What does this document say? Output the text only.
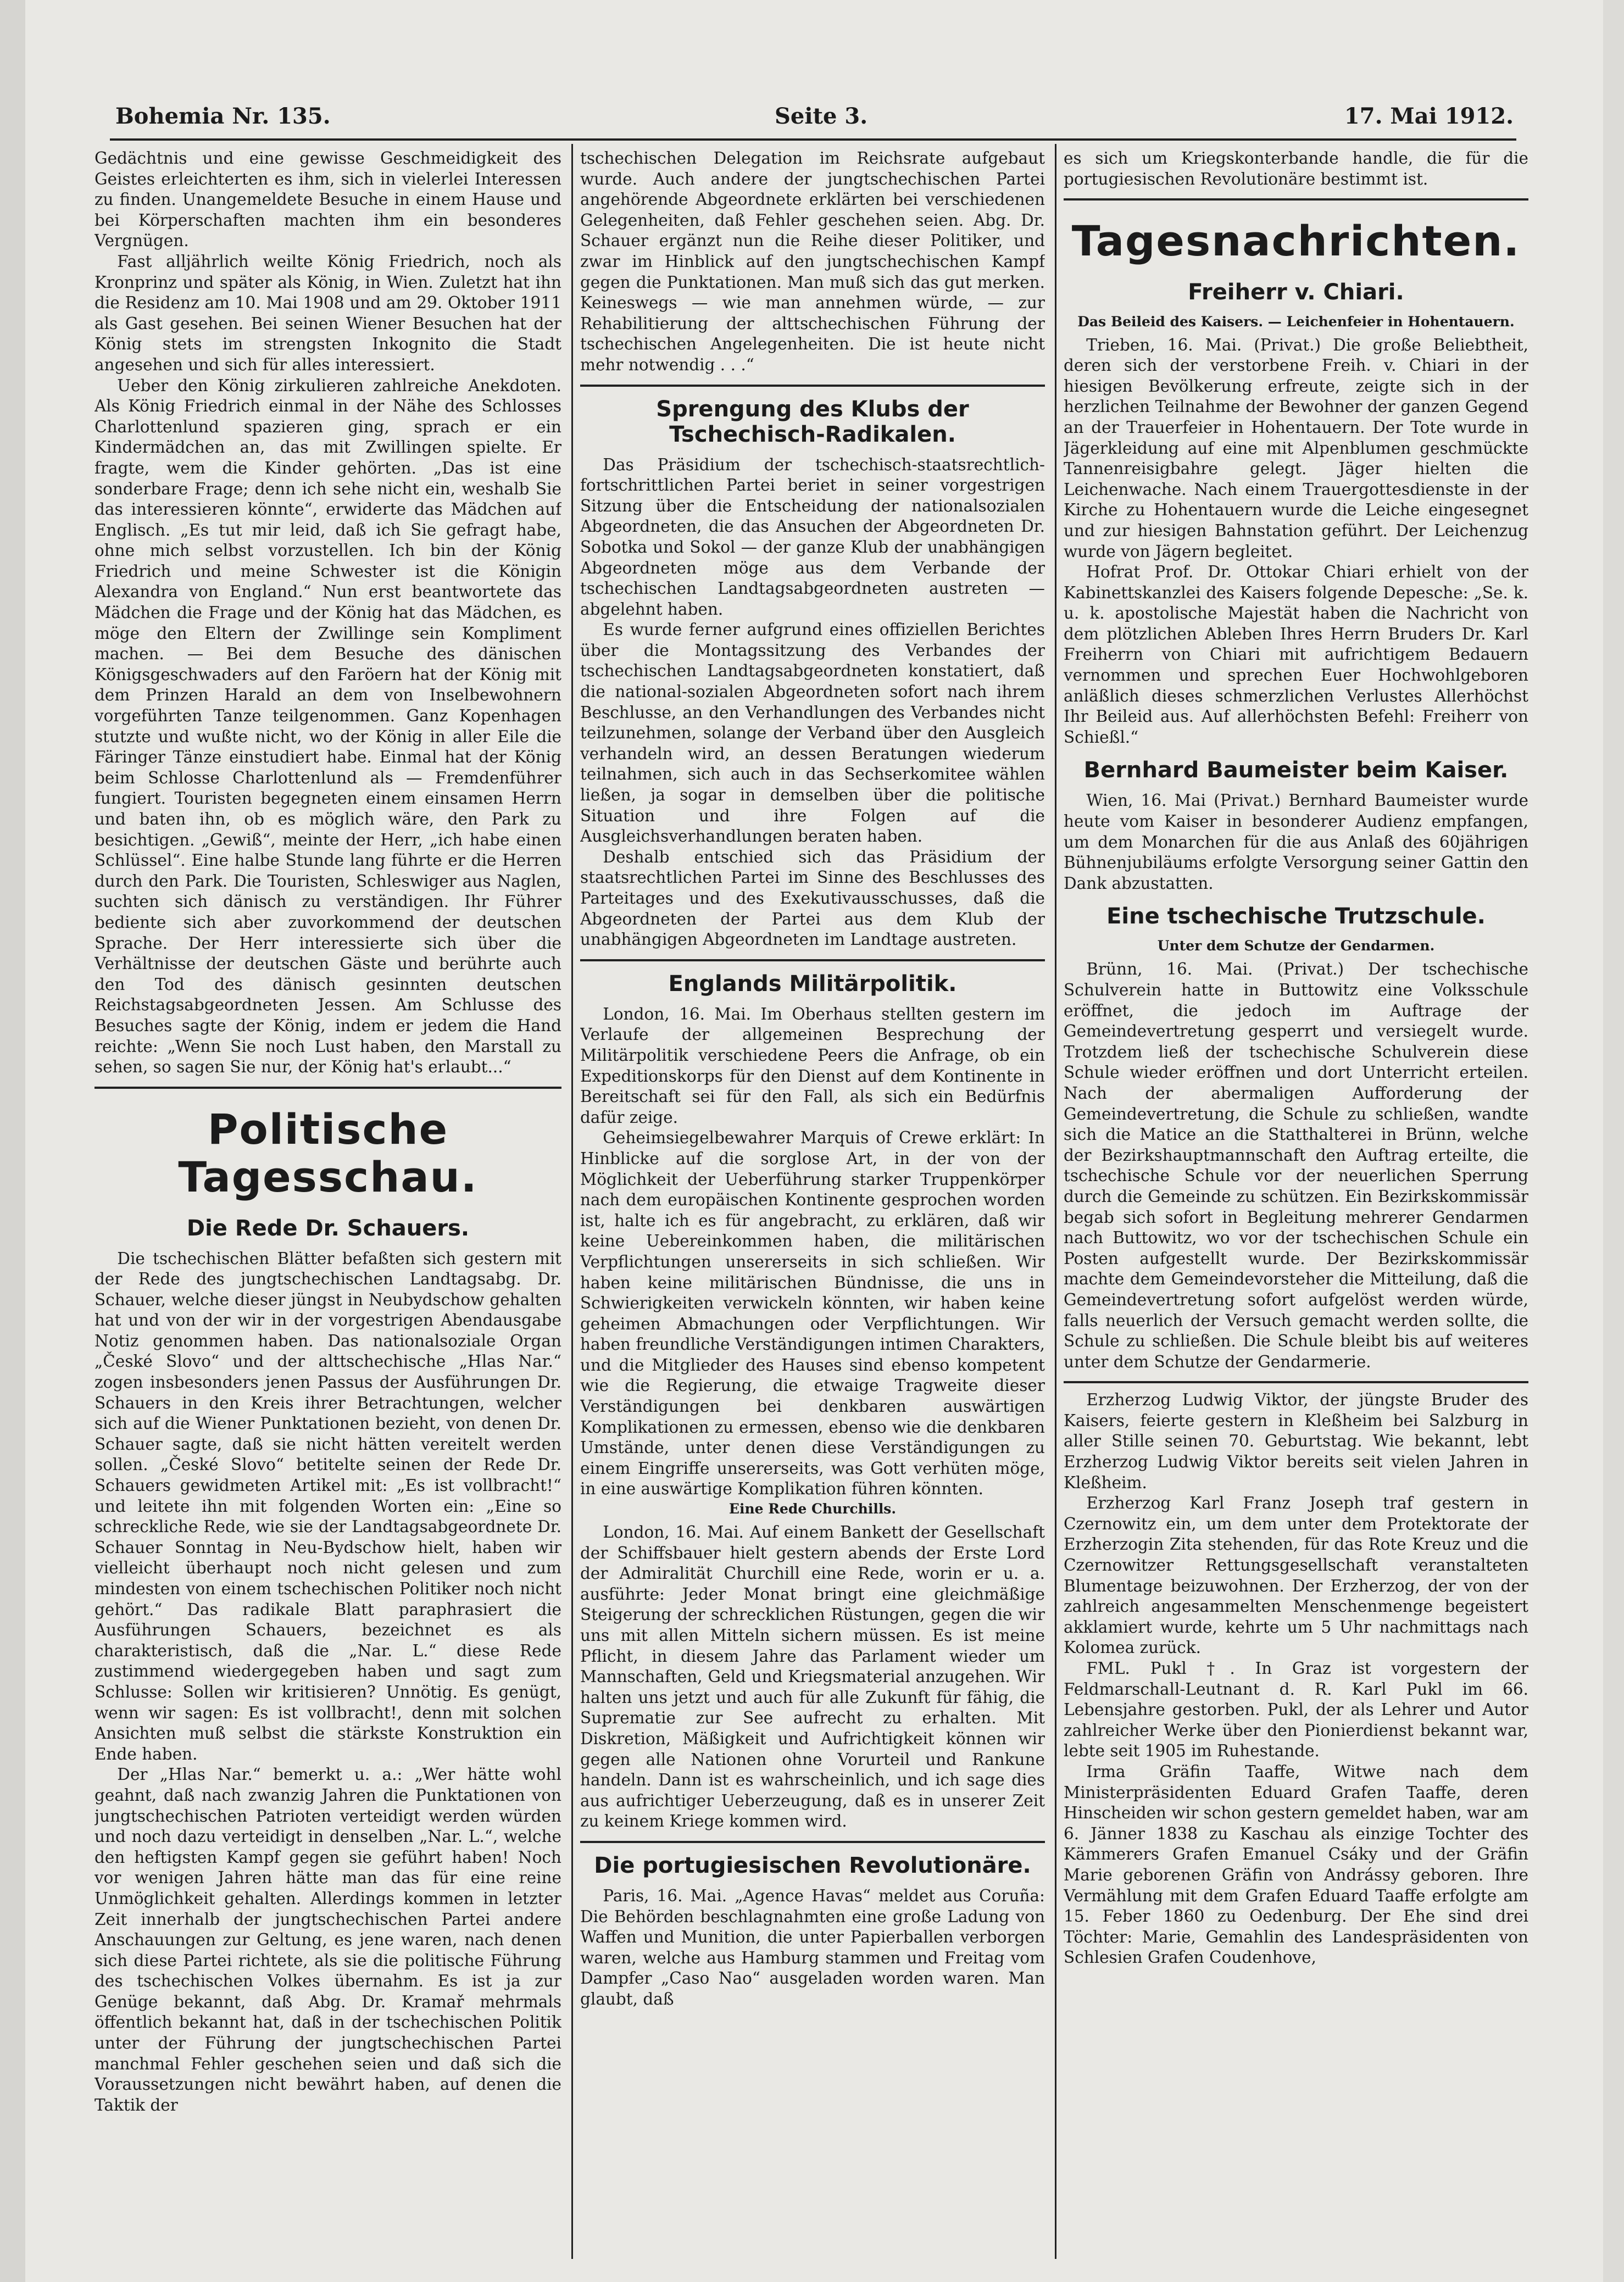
Bohemia Nr. 135.	Seite 3.	17. Mai 1912.

Gedächtnis und eine gewisse Geschmeidigkeit des Geistes erleichterten es ihm, sich in vielerlei Interessen zu finden. Unangemeldete Besuche in einem Hause und bei Körperschaften machten ihm ein besonderes Vergnügen.

Fast alljährlich weilte König Friedrich, noch als Kronprinz und später als König, in Wien. Zuletzt hat ihn die Residenz am 10. Mai 1908 und am 29. Oktober 1911 als Gast gesehen. Bei seinen Wiener Besuchen hat der König stets im strengsten Inkognito die Stadt angesehen und sich für alles interessiert.

Ueber den König zirkulieren zahlreiche Anekdoten. Als König Friedrich einmal in der Nähe des Schlosses Charlottenlund spazieren ging, sprach er ein Kindermädchen an, das mit Zwillingen spielte. Er fragte, wem die Kinder gehörten. „Das ist eine sonderbare Frage; denn ich sehe nicht ein, weshalb Sie das interessieren könnte“, erwiderte das Mädchen auf Englisch. „Es tut mir leid, daß ich Sie gefragt habe, ohne mich selbst vorzustellen. Ich bin der König Friedrich und meine Schwester ist die Königin Alexandra von England.“ Nun erst beantwortete das Mädchen die Frage und der König hat das Mädchen, es möge den Eltern der Zwillinge sein Kompliment machen. — Bei dem Besuche des dänischen Königsgeschwaders auf den Faröern hat der König mit dem Prinzen Harald an dem von Inselbewohnern vorgeführten Tanze teilgenommen. Ganz Kopenhagen stutzte und wußte nicht, wo der König in aller Eile die Färinger Tänze einstudiert habe. Einmal hat der König beim Schlosse Charlottenlund als — Fremdenführer fungiert. Touristen begegneten einem einsamen Herrn und baten ihn, ob es möglich wäre, den Park zu besichtigen. „Gewiß“, meinte der Herr, „ich habe einen Schlüssel“. Eine halbe Stunde lang führte er die Herren durch den Park. Die Touristen, Schleswiger aus Naglen, suchten sich dänisch zu verständigen. Ihr Führer bediente sich aber zuvorkommend der deutschen Sprache. Der Herr interessierte sich über die Verhältnisse der deutschen Gäste und berührte auch den Tod des dänisch gesinnten deutschen Reichstagsabgeordneten Jessen. Am Schlusse des Besuches sagte der König, indem er jedem die Hand reichte: „Wenn Sie noch Lust haben, den Marstall zu sehen, so sagen Sie nur, der König hat's erlaubt...“

Politische Tagesschau.
Die Rede Dr. Schauers.

Die tschechischen Blätter befaßten sich gestern mit der Rede des jungtschechischen Landtagsabg. Dr. Schauer, welche dieser jüngst in Neubydschow gehalten hat und von der wir in der vorgestrigen Abendausgabe Notiz genommen haben. Das nationalsoziale Organ „České Slovo“ und der alttschechische „Hlas Nar.“ zogen insbesonders jenen Passus der Ausführungen Dr. Schauers in den Kreis ihrer Betrachtungen, welcher sich auf die Wiener Punktationen bezieht, von denen Dr. Schauer sagte, daß sie nicht hätten vereitelt werden sollen. „České Slovo“ betitelte seinen der Rede Dr. Schauers gewidmeten Artikel mit: „Es ist vollbracht!“ und leitete ihn mit folgenden Worten ein: „Eine so schreckliche Rede, wie sie der Landtagsabgeordnete Dr. Schauer Sonntag in Neu-Bydschow hielt, haben wir vielleicht überhaupt noch nicht gelesen und zum mindesten von einem tschechischen Politiker noch nicht gehört.“ Das radikale Blatt paraphrasiert die Ausführungen Schauers, bezeichnet es als charakteristisch, daß die „Nar. L.“ diese Rede zustimmend wiedergegeben haben und sagt zum Schlusse: Sollen wir kritisieren? Unnötig. Es genügt, wenn wir sagen: Es ist vollbracht!, denn mit solchen Ansichten muß selbst die stärkste Konstruktion ein Ende haben.

Der „Hlas Nar.“ bemerkt u. a.: „Wer hätte wohl geahnt, daß nach zwanzig Jahren die Punktationen von jungtschechischen Patrioten verteidigt werden würden und noch dazu verteidigt in denselben „Nar. L.“, welche den heftigsten Kampf gegen sie geführt haben! Noch vor wenigen Jahren hätte man das für eine reine Unmöglichkeit gehalten. Allerdings kommen in letzter Zeit innerhalb der jungtschechischen Partei andere Anschauungen zur Geltung, es jene waren, nach denen sich diese Partei richtete, als sie die politische Führung des tschechischen Volkes übernahm. Es ist ja zur Genüge bekannt, daß Abg. Dr. Kramař mehrmals öffentlich bekannt hat, daß in der tschechischen Politik unter der Führung der jungtschechischen Partei manchmal Fehler geschehen seien und daß sich die Voraussetzungen nicht bewährt haben, auf denen die Taktik der

tschechischen Delegation im Reichsrate aufgebaut wurde. Auch andere der jungtschechischen Partei angehörende Abgeordnete erklärten bei verschiedenen Gelegenheiten, daß Fehler geschehen seien. Abg. Dr. Schauer ergänzt nun die Reihe dieser Politiker, und zwar im Hinblick auf den jungtschechischen Kampf gegen die Punktationen. Man muß sich das gut merken. Keineswegs — wie man annehmen würde, — zur Rehabilitierung der alttschechischen Führung der tschechischen Angelegenheiten. Die ist heute nicht mehr notwendig . . .“

Sprengung des Klubs der Tschechisch-Radikalen.

Das Präsidium der tschechisch-staatsrechtlich-fortschrittlichen Partei beriet in seiner vorgestrigen Sitzung über die Entscheidung der nationalsozialen Abgeordneten, die das Ansuchen der Abgeordneten Dr. Sobotka und Sokol — der ganze Klub der unabhängigen Abgeordneten möge aus dem Verbande der tschechischen Landtagsabgeordneten austreten — abgelehnt haben.

Es wurde ferner aufgrund eines offiziellen Berichtes über die Montagssitzung des Verbandes der tschechischen Landtagsabgeordneten konstatiert, daß die national-sozialen Abgeordneten sofort nach ihrem Beschlusse, an den Verhandlungen des Verbandes nicht teilzunehmen, solange der Verband über den Ausgleich verhandeln wird, an dessen Beratungen wiederum teilnahmen, sich auch in das Sechserkomitee wählen ließen, ja sogar in demselben über die politische Situation und ihre Folgen auf die Ausgleichsverhandlungen beraten haben.

Deshalb entschied sich das Präsidium der staatsrechtlichen Partei im Sinne des Beschlusses des Parteitages und des Exekutivausschusses, daß die Abgeordneten der Partei aus dem Klub der unabhängigen Abgeordneten im Landtage austreten.

Englands Militärpolitik.

London, 16. Mai. Im Oberhaus stellten gestern im Verlaufe der allgemeinen Besprechung der Militärpolitik verschiedene Peers die Anfrage, ob ein Expeditionskorps für den Dienst auf dem Kontinente in Bereitschaft sei für den Fall, als sich ein Bedürfnis dafür zeige.

Geheimsiegelbewahrer Marquis of Crewe erklärt: In Hinblicke auf die sorglose Art, in der von der Möglichkeit der Ueberführung starker Truppenkörper nach dem europäischen Kontinente gesprochen worden ist, halte ich es für angebracht, zu erklären, daß wir keine Uebereinkommen haben, die militärischen Verpflichtungen unsererseits in sich schließen. Wir haben keine militärischen Bündnisse, die uns in Schwierigkeiten verwickeln könnten, wir haben keine geheimen Abmachungen oder Verpflichtungen. Wir haben freundliche Verständigungen intimen Charakters, und die Mitglieder des Hauses sind ebenso kompetent wie die Regierung, die etwaige Tragweite dieser Verständigungen bei denkbaren auswärtigen Komplikationen zu ermessen, ebenso wie die denkbaren Umstände, unter denen diese Verständigungen zu einem Eingriffe unsererseits, was Gott verhüten möge, in eine auswärtige Komplikation führen könnten.

Eine Rede Churchills.

London, 16. Mai. Auf einem Bankett der Gesellschaft der Schiffsbauer hielt gestern abends der Erste Lord der Admiralität Churchill eine Rede, worin er u. a. ausführte: Jeder Monat bringt eine gleichmäßige Steigerung der schrecklichen Rüstungen, gegen die wir uns mit allen Mitteln sichern müssen. Es ist meine Pflicht, in diesem Jahre das Parlament wieder um Mannschaften, Geld und Kriegsmaterial anzugehen. Wir halten uns jetzt und auch für alle Zukunft für fähig, die Suprematie zur See aufrecht zu erhalten. Mit Diskretion, Mäßigkeit und Aufrichtigkeit können wir gegen alle Nationen ohne Vorurteil und Rankune handeln. Dann ist es wahrscheinlich, und ich sage dies aus aufrichtiger Ueberzeugung, daß es in unserer Zeit zu keinem Kriege kommen wird.

Die portugiesischen Revolutionäre.

Paris, 16. Mai. „Agence Havas“ meldet aus Coruña: Die Behörden beschlagnahmten eine große Ladung von Waffen und Munition, die unter Papierballen verborgen waren, welche aus Hamburg stammen und Freitag vom Dampfer „Caso Nao“ ausgeladen worden waren. Man glaubt, daß

es sich um Kriegskonterbande handle, die für die portugiesischen Revolutionäre bestimmt ist.

Tagesnachrichten.
Freiherr v. Chiari.
Das Beileid des Kaisers. — Leichenfeier in Hohentauern.

Trieben, 16. Mai. (Privat.) Die große Beliebtheit, deren sich der verstorbene Freih. v. Chiari in der hiesigen Bevölkerung erfreute, zeigte sich in der herzlichen Teilnahme der Bewohner der ganzen Gegend an der Trauerfeier in Hohentauern. Der Tote wurde in Jägerkleidung auf eine mit Alpenblumen geschmückte Tannenreisigbahre gelegt. Jäger hielten die Leichenwache. Nach einem Trauergottesdienste in der Kirche zu Hohentauern wurde die Leiche eingesegnet und zur hiesigen Bahnstation geführt. Der Leichenzug wurde von Jägern begleitet.

Hofrat Prof. Dr. Ottokar Chiari erhielt von der Kabinettskanzlei des Kaisers folgende Depesche: „Se. k. u. k. apostolische Majestät haben die Nachricht von dem plötzlichen Ableben Ihres Herrn Bruders Dr. Karl Freiherrn von Chiari mit aufrichtigem Bedauern vernommen und sprechen Euer Hochwohlgeboren anläßlich dieses schmerzlichen Verlustes Allerhöchst Ihr Beileid aus. Auf allerhöchsten Befehl: Freiherr von Schießl.“

Bernhard Baumeister beim Kaiser.

Wien, 16. Mai (Privat.) Bernhard Baumeister wurde heute vom Kaiser in besonderer Audienz empfangen, um dem Monarchen für die aus Anlaß des 60jährigen Bühnenjubiläums erfolgte Versorgung seiner Gattin den Dank abzustatten.

Eine tschechische Trutzschule.
Unter dem Schutze der Gendarmen.

Brünn, 16. Mai. (Privat.) Der tschechische Schulverein hatte in Buttowitz eine Volksschule eröffnet, die jedoch im Auftrage der Gemeindevertretung gesperrt und versiegelt wurde. Trotzdem ließ der tschechische Schulverein diese Schule wieder eröffnen und dort Unterricht erteilen. Nach der abermaligen Aufforderung der Gemeindevertretung, die Schule zu schließen, wandte sich die Matice an die Statthalterei in Brünn, welche der Bezirkshauptmannschaft den Auftrag erteilte, die tschechische Schule vor der neuerlichen Sperrung durch die Gemeinde zu schützen. Ein Bezirkskommissär begab sich sofort in Begleitung mehrerer Gendarmen nach Buttowitz, wo vor der tschechischen Schule ein Posten aufgestellt wurde. Der Bezirkskommissär machte dem Gemeindevorsteher die Mitteilung, daß die Gemeindevertretung sofort aufgelöst werden würde, falls neuerlich der Versuch gemacht werden sollte, die Schule zu schließen. Die Schule bleibt bis auf weiteres unter dem Schutze der Gendarmerie.

Erzherzog Ludwig Viktor, der jüngste Bruder des Kaisers, feierte gestern in Kleßheim bei Salzburg in aller Stille seinen 70. Geburtstag. Wie bekannt, lebt Erzherzog Ludwig Viktor bereits seit vielen Jahren in Kleßheim.

Erzherzog Karl Franz Joseph traf gestern in Czernowitz ein, um dem unter dem Protektorate der Erzherzogin Zita stehenden, für das Rote Kreuz und die Czernowitzer Rettungsgesellschaft veranstalteten Blumentage beizuwohnen. Der Erzherzog, der von der zahlreich angesammelten Menschenmenge begeistert akklamiert wurde, kehrte um 5 Uhr nachmittags nach Kolomea zurück.

FML. Pukl †. In Graz ist vorgestern der Feldmarschall-Leutnant d. R. Karl Pukl im 66. Lebensjahre gestorben. Pukl, der als Lehrer und Autor zahlreicher Werke über den Pionierdienst bekannt war, lebte seit 1905 im Ruhestande.

Irma Gräfin Taaffe, Witwe nach dem Ministerpräsidenten Eduard Grafen Taaffe, deren Hinscheiden wir schon gestern gemeldet haben, war am 6. Jänner 1838 zu Kaschau als einzige Tochter des Kämmerers Grafen Emanuel Csáky und der Gräfin Marie geborenen Gräfin von Andrássy geboren. Ihre Vermählung mit dem Grafen Eduard Taaffe erfolgte am 15. Feber 1860 zu Oedenburg. Der Ehe sind drei Töchter: Marie, Gemahlin des Landespräsidenten von Schlesien Grafen Coudenhove,
